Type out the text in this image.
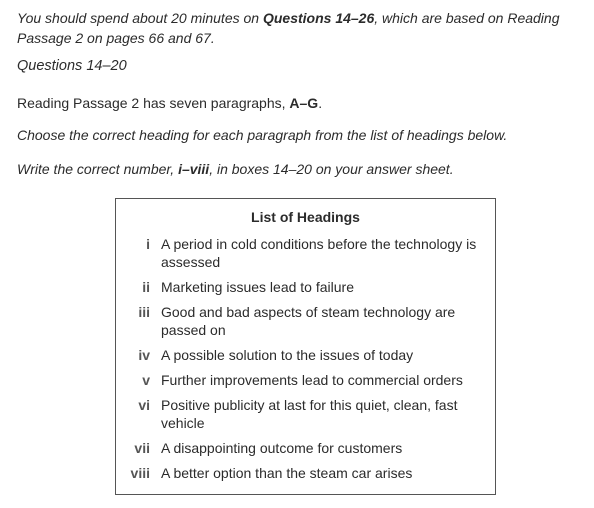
You should spend about 20 minutes on Questions 14–26, which are based on Reading Passage 2 on pages 66 and 67.

Questions 14–20

Reading Passage 2 has seven paragraphs, A–G.

Choose the correct heading for each paragraph from the list of headings below.

Write the correct number, i–viii, in boxes 14–20 on your answer sheet.

List of Headings

i A period in cold conditions before the technology is assessed
ii Marketing issues lead to failure
iii Good and bad aspects of steam technology are passed on
iv A possible solution to the issues of today
v Further improvements lead to commercial orders
vi Positive publicity at last for this quiet, clean, fast vehicle
vii A disappointing outcome for customers
viii A better option than the steam car arises
